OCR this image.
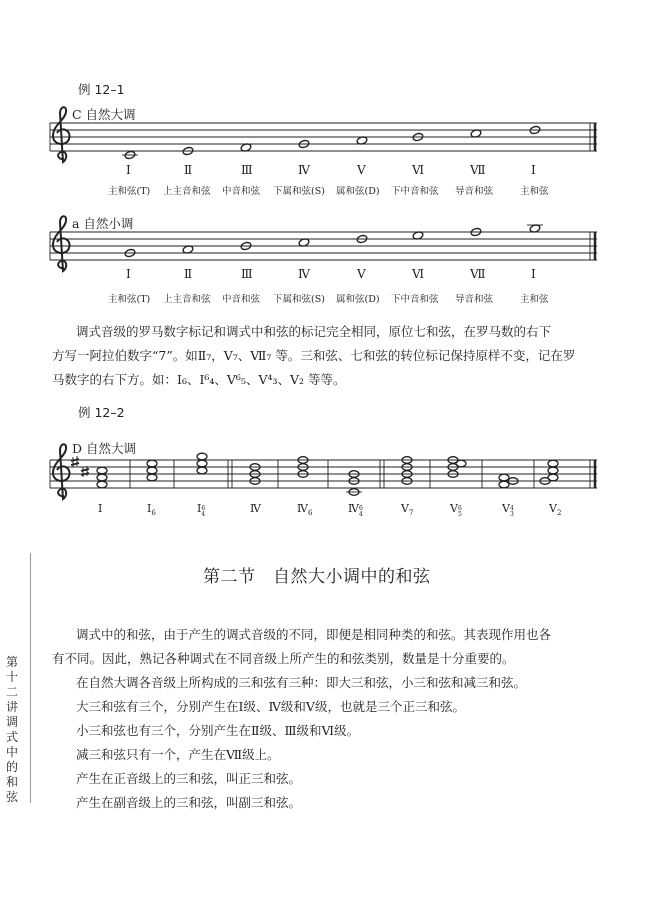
例 12–1
C 自然大调
Ⅰ	Ⅱ	Ⅲ	Ⅳ	Ⅴ	Ⅵ	Ⅶ	Ⅰ
主和弦(T) 上主音和弦 中音和弦 下属和弦(S) 属和弦(D) 下中音和弦 导音和弦	主和弦
a 自然小调
Ⅰ	Ⅱ	Ⅲ	Ⅳ	Ⅴ	Ⅵ	Ⅶ	Ⅰ
主和弦(T) 上主音和弦 中音和弦 下属和弦(S) 属和弦(D) 下中音和弦 导音和弦	主和弦
调式音级的罗马数字标记和调式中和弦的标记完全相同，原位七和弦，在罗马数的右下
方写一阿拉伯数字“7”。如Ⅱ₇，Ⅴ₇、Ⅶ₇ 等。三和弦、七和弦的转位标记保持原样不变，记在罗
马数字的右下方。如：Ⅰ₆、Ⅰ⁶₄、Ⅴ⁶₅、Ⅴ⁴₃、Ⅴ₂ 等等。
例 12–2
D 自然大调
Ⅰ	$Ⅰ_6$	Ⅰ 6
4	Ⅳ	$Ⅳ_6$	Ⅳ 6
4	$Ⅴ_7$	Ⅴ 6
5	Ⅴ 4
3	$Ⅴ_2$
第二节　自然大小调中的和弦
调式中的和弦，由于产生的调式音级的不同，即便是相同种类的和弦。其表现作用也各
有不同。因此，熟记各种调式在不同音级上所产生的和弦类别，数量是十分重要的。
在自然大调各音级上所构成的三和弦有三种：即大三和弦，小三和弦和减三和弦。
大三和弦有三个，分别产生在Ⅰ级、Ⅳ级和Ⅴ级，也就是三个正三和弦。
小三和弦也有三个，分别产生在Ⅱ级、Ⅲ级和Ⅵ级。
减三和弦只有一个，产生在Ⅶ级上。
产生在正音级上的三和弦，叫正三和弦。
产生在副音级上的三和弦，叫副三和弦。
第十二讲　调式中的和弦
